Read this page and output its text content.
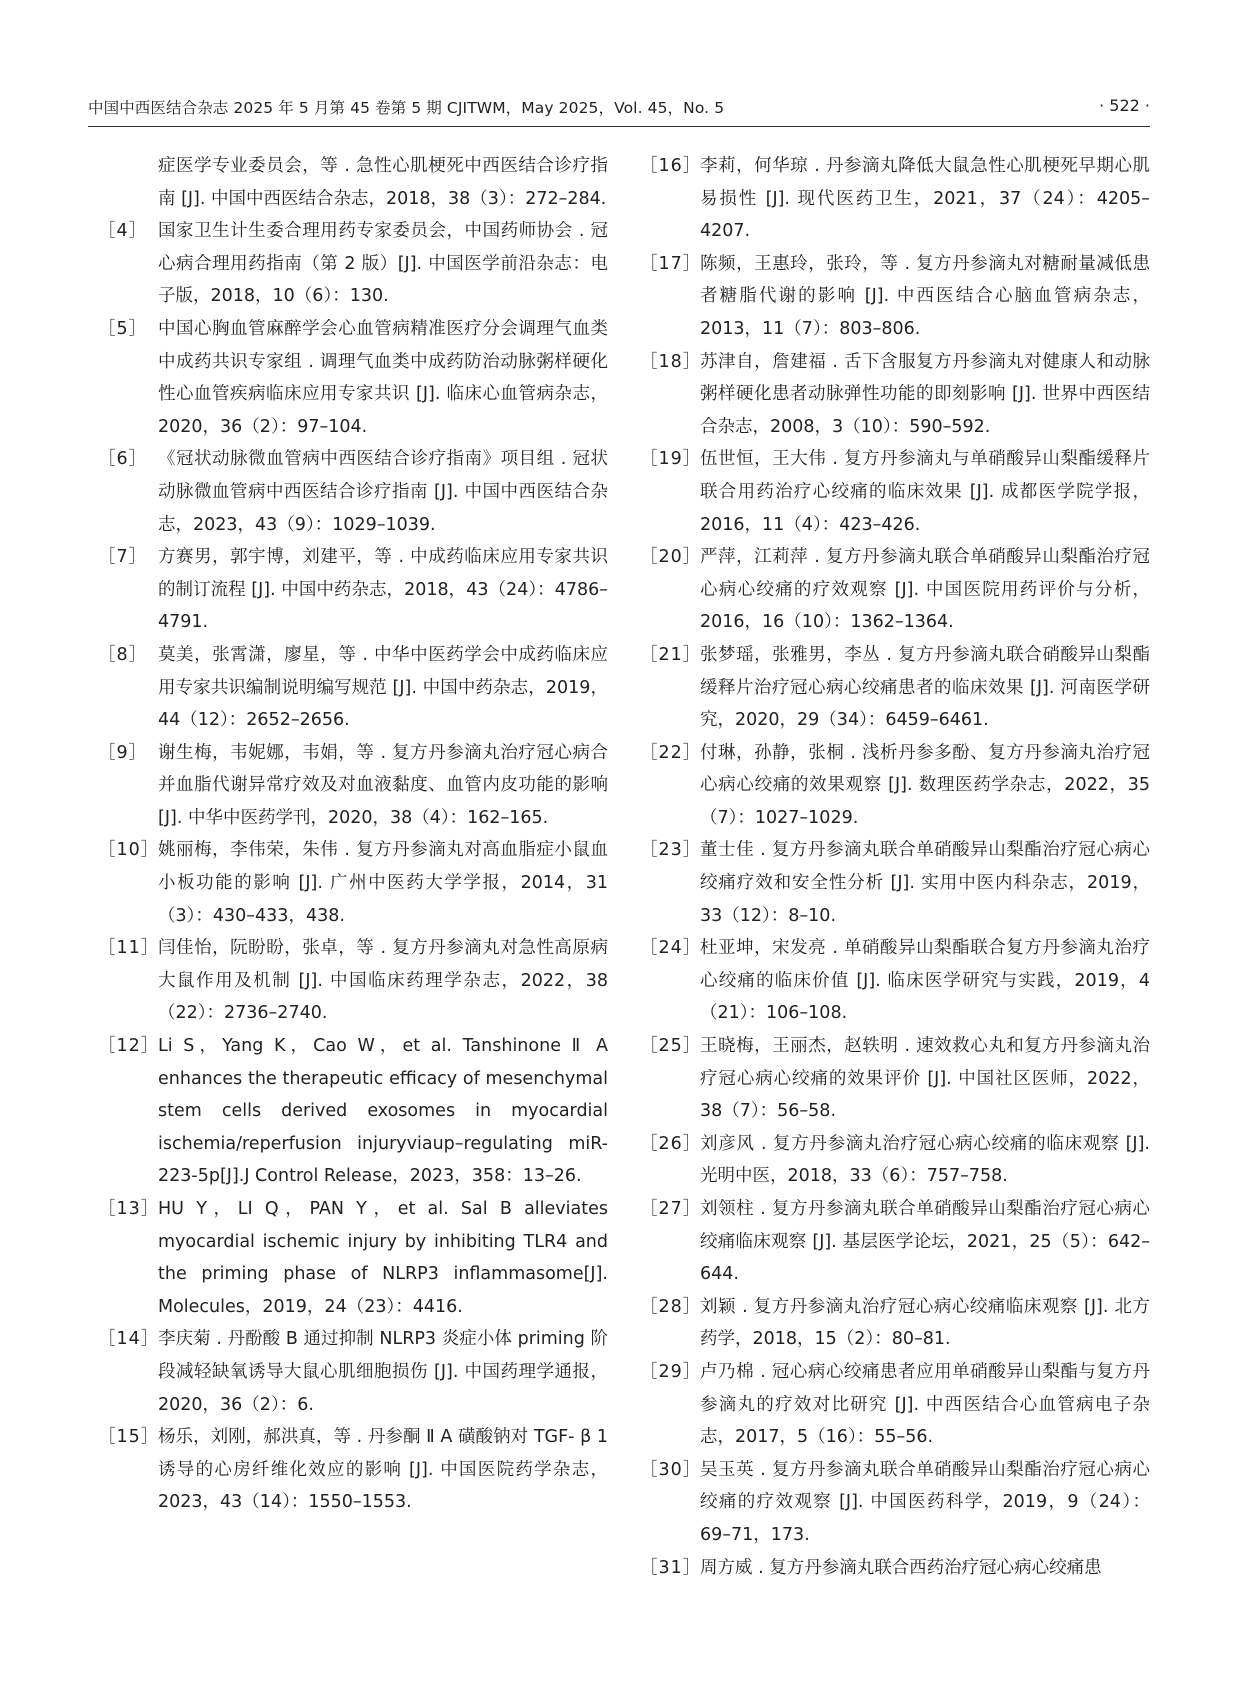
中国中西医结合杂志 2025 年 5 月第 45 卷第 5 期 CJITWM，May 2025，Vol. 45，No. 5	· 522 ·
症医学专业委员会，等 . 急性心肌梗死中西医结合诊疗指南 [J]. 中国中西医结合杂志，2018，38（3）：272–284.
［4］ 国家卫生计生委合理用药专家委员会，中国药师协会 . 冠心病合理用药指南（第 2 版）[J]. 中国医学前沿杂志：电子版，2018，10（6）：130.
［5］ 中国心胸血管麻醉学会心血管病精准医疗分会调理气血类中成药共识专家组 . 调理气血类中成药防治动脉粥样硬化性心血管疾病临床应用专家共识 [J]. 临床心血管病杂志，2020，36（2）：97–104.
［6］ 《冠状动脉微血管病中西医结合诊疗指南》项目组 . 冠状动脉微血管病中西医结合诊疗指南 [J]. 中国中西医结合杂志，2023，43（9）：1029–1039.
［7］ 方赛男，郭宇博，刘建平，等 . 中成药临床应用专家共识的制订流程 [J]. 中国中药杂志，2018，43（24）：4786–4791.
［8］ 莫美，张霄潇，廖星，等 . 中华中医药学会中成药临床应用专家共识编制说明编写规范 [J]. 中国中药杂志，2019，44（12）：2652–2656.
［9］ 谢生梅，韦妮娜，韦娟，等 . 复方丹参滴丸治疗冠心病合并血脂代谢异常疗效及对血液黏度、血管内皮功能的影响 [J]. 中华中医药学刊，2020，38（4）：162–165.
［10］
姚丽梅，李伟荣，朱伟 . 复方丹参滴丸对高血脂症小鼠血小板功能的影响 [J]. 广州中医药大学学报，2014，31（3）：430–433，438.
［11］
闫佳怡，阮盼盼，张卓，等 . 复方丹参滴丸对急性高原病大鼠作用及机制 [J]. 中国临床药理学杂志，2022，38（22）：2736–2740.
［12］
Li S，Yang K，Cao W，et al. Tanshinone Ⅱ A enhances the therapeutic efficacy of mesenchymal stem cells derived exosomes in myocardial ischemia/reperfusion injuryviaup–regulating miR-223-5p[J].J Control Release，2023，358：13–26.
［13］
HU Y，LI Q，PAN Y，et al. Sal B alleviates myocardial ischemic injury by inhibiting TLR4 and the priming phase of NLRP3 inflammasome[J]. Molecules，2019，24（23）：4416.
［14］
李庆菊 . 丹酚酸 B 通过抑制 NLRP3 炎症小体 priming 阶段减轻缺氧诱导大鼠心肌细胞损伤 [J]. 中国药理学通报，2020，36（2）：6.
［15］
杨乐，刘刚，郝洪真，等 . 丹参酮 Ⅱ A 磺酸钠对 TGF- β 1 诱导的心房纤维化效应的影响 [J]. 中国医院药学杂志，2023，43（14）：1550–1553.
［16］
李莉，何华琼 . 丹参滴丸降低大鼠急性心肌梗死早期心肌易损性 [J]. 现代医药卫生，2021，37（24）：4205–4207.
［17］
陈频，王惠玲，张玲，等 . 复方丹参滴丸对糖耐量减低患者糖脂代谢的影响 [J]. 中西医结合心脑血管病杂志，2013，11（7）：803–806.
［18］
苏津自，詹建福 . 舌下含服复方丹参滴丸对健康人和动脉粥样硬化患者动脉弹性功能的即刻影响 [J]. 世界中西医结合杂志，2008，3（10）：590–592.
［19］
伍世恒，王大伟 . 复方丹参滴丸与单硝酸异山梨酯缓释片联合用药治疗心绞痛的临床效果 [J]. 成都医学院学报，2016，11（4）：423–426.
［20］
严萍，江莉萍 . 复方丹参滴丸联合单硝酸异山梨酯治疗冠心病心绞痛的疗效观察 [J]. 中国医院用药评价与分析，2016，16（10）：1362–1364.
［21］
张梦瑶，张雅男，李丛 . 复方丹参滴丸联合硝酸异山梨酯缓释片治疗冠心病心绞痛患者的临床效果 [J]. 河南医学研究，2020，29（34）：6459–6461.
［22］
付琳，孙静，张桐 . 浅析丹参多酚、复方丹参滴丸治疗冠心病心绞痛的效果观察 [J]. 数理医药学杂志，2022，35（7）：1027–1029.
［23］
董士佳 . 复方丹参滴丸联合单硝酸异山梨酯治疗冠心病心绞痛疗效和安全性分析 [J]. 实用中医内科杂志，2019，33（12）：8–10.
［24］
杜亚坤，宋发亮 . 单硝酸异山梨酯联合复方丹参滴丸治疗心绞痛的临床价值 [J]. 临床医学研究与实践，2019，4（21）：106–108.
［25］
王晓梅，王丽杰，赵轶明 . 速效救心丸和复方丹参滴丸治疗冠心病心绞痛的效果评价 [J]. 中国社区医师，2022，38（7）：56–58.
［26］
刘彦风 . 复方丹参滴丸治疗冠心病心绞痛的临床观察 [J]. 光明中医，2018，33（6）：757–758.
［27］
刘领柱 . 复方丹参滴丸联合单硝酸异山梨酯治疗冠心病心绞痛临床观察 [J]. 基层医学论坛，2021，25（5）：642–644.
［28］
刘颖 . 复方丹参滴丸治疗冠心病心绞痛临床观察 [J]. 北方药学，2018，15（2）：80–81.
［29］
卢乃棉 . 冠心病心绞痛患者应用单硝酸异山梨酯与复方丹参滴丸的疗效对比研究 [J]. 中西医结合心血管病电子杂志，2017，5（16）：55–56.
［30］
吴玉英 . 复方丹参滴丸联合单硝酸异山梨酯治疗冠心病心绞痛的疗效观察 [J]. 中国医药科学，2019，9（24）：69–71，173.
［31］
周方威 . 复方丹参滴丸联合西药治疗冠心病心绞痛患
